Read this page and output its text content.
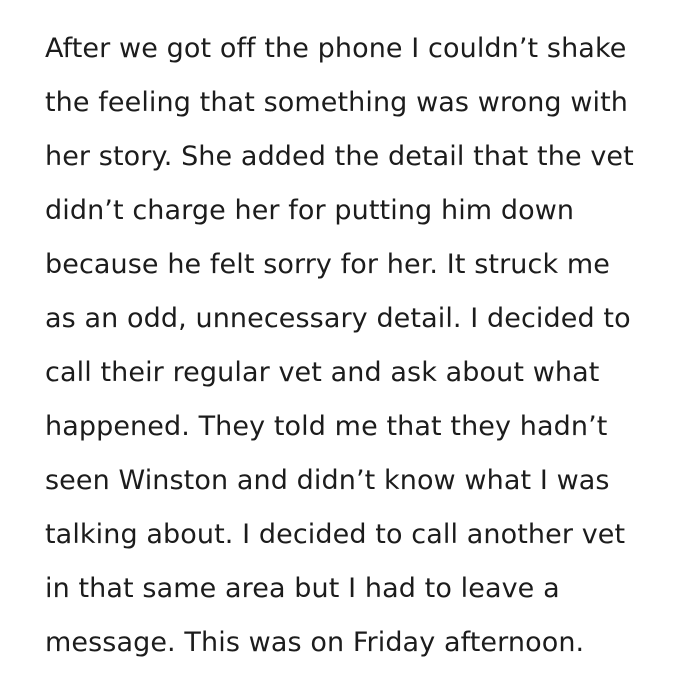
After we got off the phone I couldn’t shake
the feeling that something was wrong with
her story. She added the detail that the vet
didn’t charge her for putting him down
because he felt sorry for her. It struck me
as an odd, unnecessary detail. I decided to
call their regular vet and ask about what
happened. They told me that they hadn’t
seen Winston and didn’t know what I was
talking about. I decided to call another vet
in that same area but I had to leave a
message. This was on Friday afternoon.
